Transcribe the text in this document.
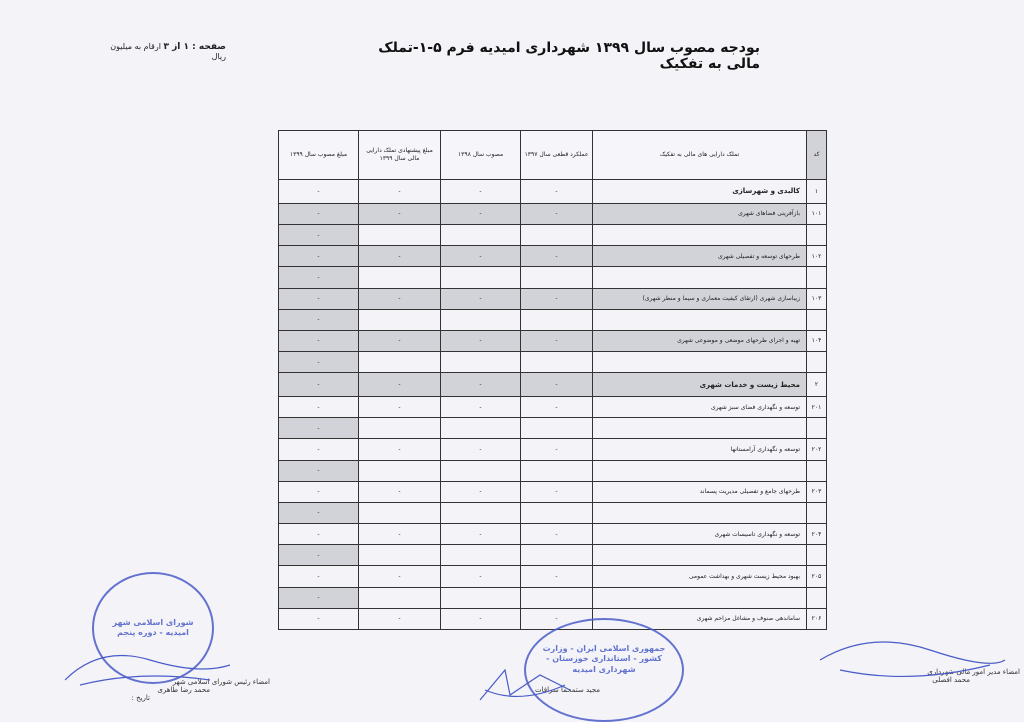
بودجه مصوب سال ۱۳۹۹ شهرداری امیدیه فرم ۵-۱-تملک مالی به تفکیک
صفحه : ۱ از ۳ ارقام به میلیون ریال
کد	تملک دارایی های مالی به تفکیک	عملکرد قطعی سال ۱۳۹۷	مصوب سال ۱۳۹۸	مبلغ پیشنهادی تملک دارایی مالی سال ۱۳۹۹	مبلغ مصوب سال ۱۳۹۹
۱	کالبدی و شهرسازی	-	-	-	-
۱۰۱	بازآفرینی فضاهای شهری	-	-	-	-
					-
۱۰۲	طرحهای توسعه و تفصیلی شهری	-	-	-	-
					-
۱۰۳	زیباسازی شهری (ارتقای کیفیت معماری و سیما و منظر شهری)	-	-	-	-
					-
۱۰۴	تهیه و اجرای طرحهای موضعی و موضوعی شهری	-	-	-	-
					-
۲	محیط زیست و خدمات شهری	-	-	-	-
۲۰۱	توسعه و نگهداری فضای سبز شهری	-	-	-	-
					-
۲۰۲	توسعه و نگهداری آرامستانها	-	-	-	-
					-
۲۰۳	طرحهای جامع و تفصیلی مدیریت پسماند	-	-	-	-
					-
۲۰۴	توسعه و نگهداری تاسیسات شهری	-	-	-	-
					-
۲۰۵	بهبود محیط زیست شهری و بهداشت عمومی	-	-	-	-
					-
۲۰۶	ساماندهی صنوف و مشاغل مزاحم شهری	-	-	-	-
شورای اسلامی شهر امیدیه - دوره پنجم
جمهوری اسلامی ایران - وزارت کشور - استانداری خوزستان - شهرداری امیدیه
امضاء رئیس شورای اسلامی شهر
محمد رضا طاهری
تاریخ :
مجید ستمحما سرافات
امضاء مدیر امور مالی شهرداری
محمد افصلی
